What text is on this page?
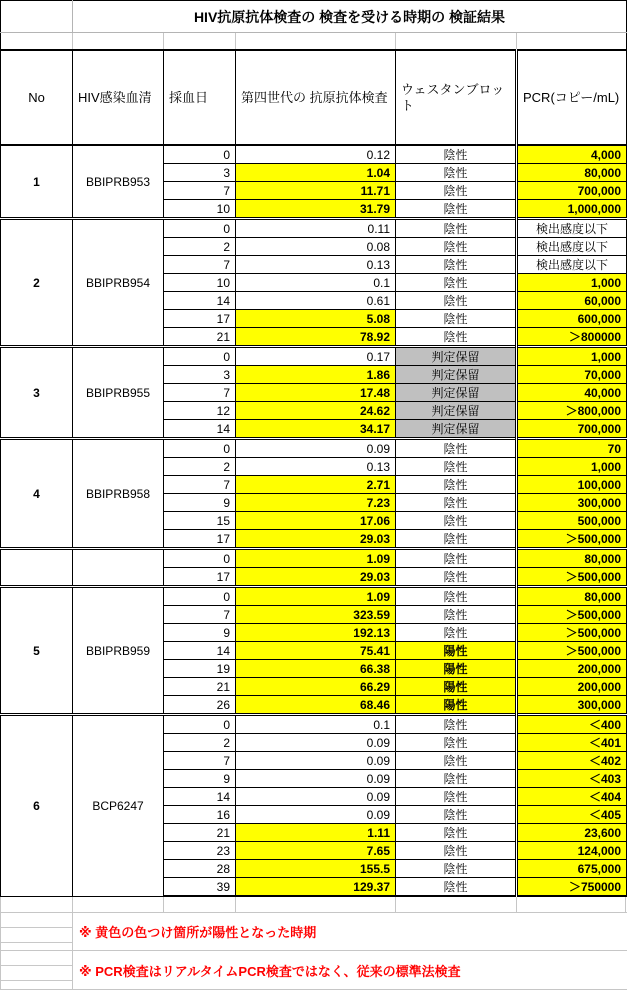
	HIV抗原抗体検査の 検査を受ける時期の 検証結果				

No	HIV感染血清	採血日	第四世代の 抗原抗体検査	ウェスタンブロット	PCR(コピー/mL)
1	BBIPRB953	0	0.12	陰性	4,000
		3	1.04	陰性	80,000
		7	11.71	陰性	700,000
		10	31.79	陰性	1,000,000
2	BBIPRB954	0	0.11	陰性	検出感度以下
		2	0.08	陰性	検出感度以下
		7	0.13	陰性	検出感度以下
		10	0.1	陰性	1,000
		14	0.61	陰性	60,000
		17	5.08	陰性	600,000
		21	78.92	陰性	＞800000
3	BBIPRB955	0	0.17	判定保留	1,000
		3	1.86	判定保留	70,000
		7	17.48	判定保留	40,000
		12	24.62	判定保留	＞800,000
		14	34.17	判定保留	700,000
4	BBIPRB958	0	0.09	陰性	70
		2	0.13	陰性	1,000
		7	2.71	陰性	100,000
		9	7.23	陰性	300,000
		15	17.06	陰性	500,000
		17	29.03	陰性	＞500,000
		0	1.09	陰性	80,000
		17	29.03	陰性	＞500,000
5	BBIPRB959	0	1.09	陰性	80,000
		7	323.59	陰性	＞500,000
		9	192.13	陰性	＞500,000
		14	75.41	陽性	＞500,000
		19	66.38	陽性	200,000
		21	66.29	陽性	200,000
		26	68.46	陽性	300,000
6	BCP6247	0	0.1	陰性	＜400
		2	0.09	陰性	＜401
		7	0.09	陰性	＜402
		9	0.09	陰性	＜403
		14	0.09	陰性	＜404
		16	0.09	陰性	＜405
		21	1.11	陰性	23,600
		23	7.65	陰性	124,000
		28	155.5	陰性	675,000
		39	129.37	陰性	＞750000
※ 黄色の色つけ箇所が陽性となった時期
※ PCR検査はリアルタイムPCR検査ではなく、従来の標準法検査
